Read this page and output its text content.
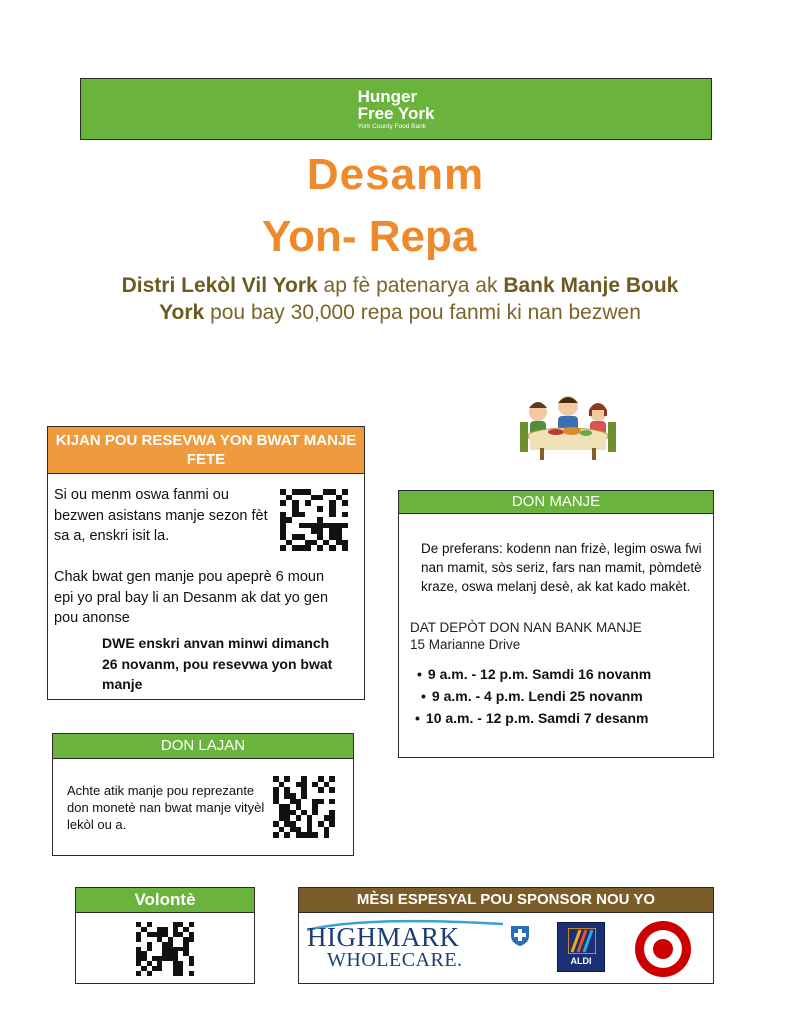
Hunger
Free York
York County Food Bank
Desanm
Yon- Repa
Distri Lekòl Vil York ap fè patenarya ak Bank Manje Bouk York pou bay 30,000 repa pou fanmi ki nan bezwen
KIJAN POU RESEVWA YON BWAT MANJE FETE
Si ou menm oswa fanmi ou bezwen asistans manje sezon fèt sa a, enskri isit la.
Chak bwat gen manje pou apeprè 6 moun epi yo pral bay li an Desanm ak dat yo gen pou anonse
DWE enskri anvan minwi dimanch 26 novanm, pou resevwa yon bwat manje
DON MANJE
De preferans: kodenn nan frizè, legim oswa fwi nan mamit, sòs seriz, fars nan mamit, pòmdetè kraze, oswa melanj desè, ak kat kado makèt.
DAT DEPÒT DON NAN BANK MANJE
15 Marianne Drive
• 9 a.m. - 12 p.m. Samdi 16 novanm
• 9 a.m. - 4 p.m. Lendi 25 novanm
• 10 a.m. - 12 p.m. Samdi 7 desanm
DON LAJAN
Achte atik manje pou reprezante don monetè nan bwat manje vityèl lekòl ou a.
Volontè	MÈSI ESPESYAL POU SPONSOR NOU YO
HIGHMARK
WHOLECARE.	ALDI
